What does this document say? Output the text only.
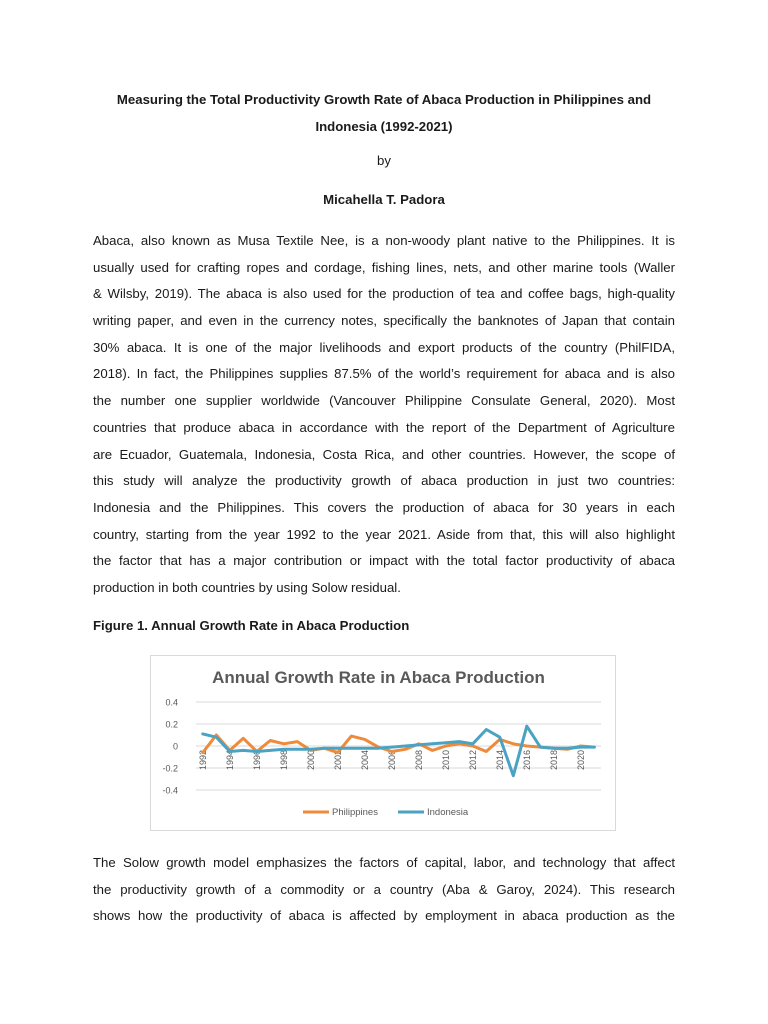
Measuring the Total Productivity Growth Rate of Abaca Production in Philippines and
Indonesia (1992-2021)
by
Micahella T. Padora
Abaca, also known as Musa Textile Nee, is a non-woody plant native to the Philippines. It is
usually used for crafting ropes and cordage, fishing lines, nets, and other marine tools (Waller
& Wilsby, 2019). The abaca is also used for the production of tea and coffee bags, high-quality
writing paper, and even in the currency notes, specifically the banknotes of Japan that contain
30% abaca. It is one of the major livelihoods and export products of the country (PhilFIDA,
2018). In fact, the Philippines supplies 87.5% of the world’s requirement for abaca and is also
the number one supplier worldwide (Vancouver Philippine Consulate General, 2020). Most
countries that produce abaca in accordance with the report of the Department of Agriculture
are Ecuador, Guatemala, Indonesia, Costa Rica, and other countries. However, the scope of
this study will analyze the productivity growth of abaca production in just two countries:
Indonesia and the Philippines. This covers the production of abaca for 30 years in each
country, starting from the year 1992 to the year 2021. Aside from that, this will also highlight
the factor that has a major contribution or impact with the total factor productivity of abaca
production in both countries by using Solow residual.
Figure 1. Annual Growth Rate in Abaca Production
Annual Growth Rate in Abaca Production
0.4
0.2
0
-0.2
-0.4
1992 1994 1996 1998 2000 2002 2004 2006 2008 2010 2012 2014 2016 2018 2020
Philippines	Indonesia
The Solow growth model emphasizes the factors of capital, labor, and technology that affect
the productivity growth of a commodity or a country (Aba & Garoy, 2024). This research
shows how the productivity of abaca is affected by employment in abaca production as the
